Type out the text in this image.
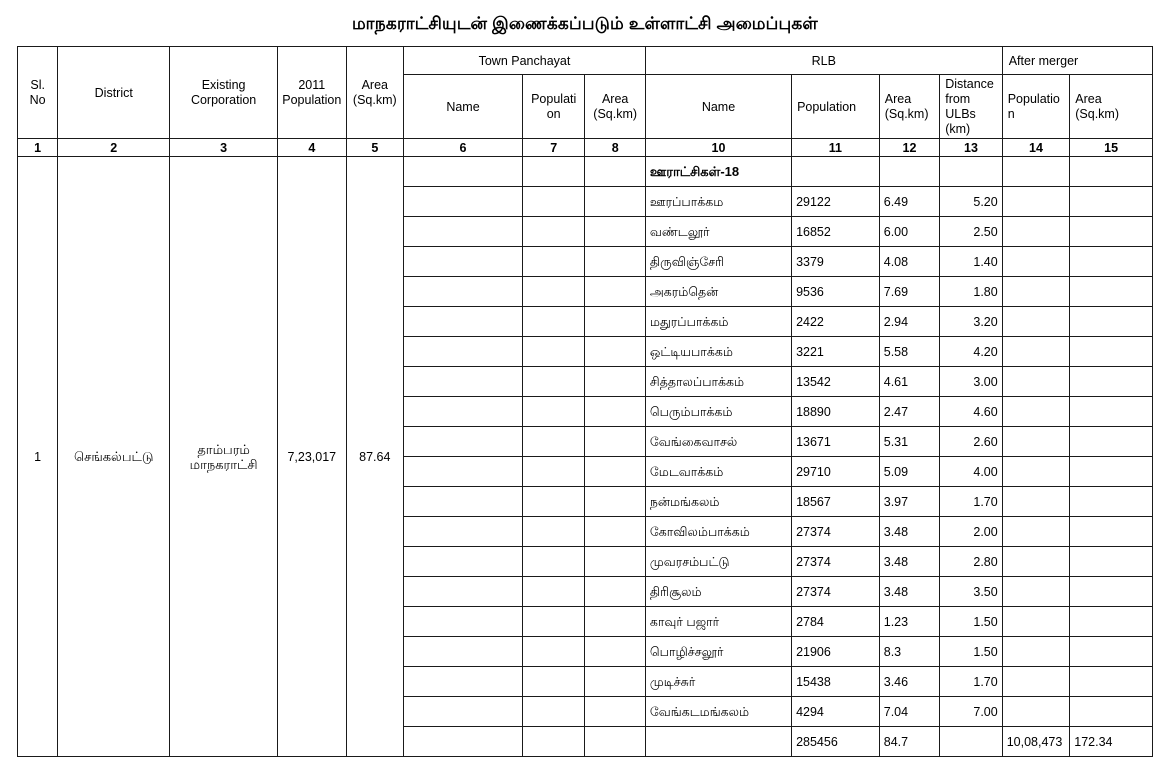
மாநகராட்சியுடன் இணைக்கப்படும் உள்ளாட்சி அமைப்புகள்
Sl. No	District	Existing Corporation	2011 Population	Area (Sq.km)	Town Panchayat			RLB				After merger	
					Name	Populati on	Area (Sq.km)	Name	Population	Area (Sq.km)	Distance from ULBs (km)	Populatio n	Area (Sq.km)
1	2	3	4	5	6	7	8	10	11	12	13	14	15
1	செங்கல்பட்டு	தாம்பரம் மாநகராட்சி	7,23,017	87.64				ஊராட்சிகள்-18					
								ஊரப்பாக்கம	29122	6.49	5.20		
								வண்டலூர்	16852	6.00	2.50		
								திருவிஞ்சேரி	3379	4.08	1.40		
								அகரம்தென்	9536	7.69	1.80		
								மதுரப்பாக்கம்	2422	2.94	3.20		
								ஒட்டியபாக்கம்	3221	5.58	4.20		
								சித்தாலப்பாக்கம்	13542	4.61	3.00		
								பெரும்பாக்கம்	18890	2.47	4.60		
								வேங்கைவாசல்	13671	5.31	2.60		
								மேடவாக்கம்	29710	5.09	4.00		
								நன்மங்கலம்	18567	3.97	1.70		
								கோவிலம்பாக்கம்	27374	3.48	2.00		
								முவரசம்பட்டு	27374	3.48	2.80		
								திரிசூலம்	27374	3.48	3.50		
								காவுர் பஜார்	2784	1.23	1.50		
								பொழிச்சலூர்	21906	8.3	1.50		
								முடிச்சுர்	15438	3.46	1.70		
								வேங்கடமங்கலம்	4294	7.04	7.00		
									285456	84.7		10,08,473	172.34
